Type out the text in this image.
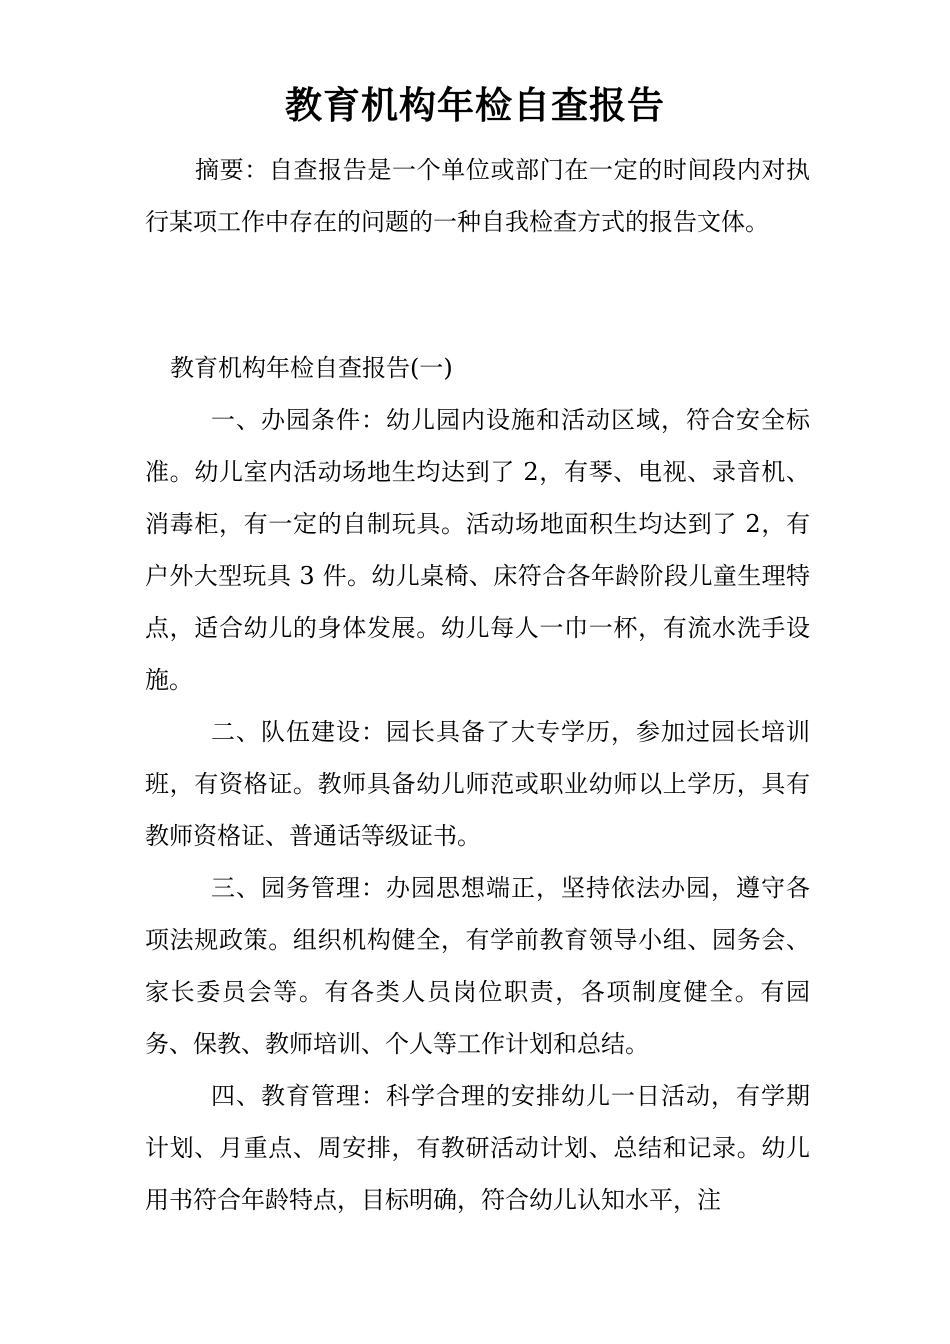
教育机构年检自查报告

摘要：自查报告是一个单位或部门在一定的时间段内对执行某项工作中存在的问题的一种自我检查方式的报告文体。

教育机构年检自查报告(一)

一、办园条件：幼儿园内设施和活动区域，符合安全标准。幼儿室内活动场地生均达到了 2，有琴、电视、录音机、消毒柜，有一定的自制玩具。活动场地面积生均达到了 2，有户外大型玩具 3 件。幼儿桌椅、床符合各年龄阶段儿童生理特点，适合幼儿的身体发展。幼儿每人一巾一杯，有流水洗手设施。

二、队伍建设：园长具备了大专学历，参加过园长培训班，有资格证。教师具备幼儿师范或职业幼师以上学历，具有教师资格证、普通话等级证书。

三、园务管理：办园思想端正，坚持依法办园，遵守各项法规政策。组织机构健全，有学前教育领导小组、园务会、家长委员会等。有各类人员岗位职责，各项制度健全。有园务、保教、教师培训、个人等工作计划和总结。

四、教育管理：科学合理的安排幼儿一日活动，有学期计划、月重点、周安排，有教研活动计划、总结和记录。幼儿用书符合年龄特点，目标明确，符合幼儿认知水平，注
